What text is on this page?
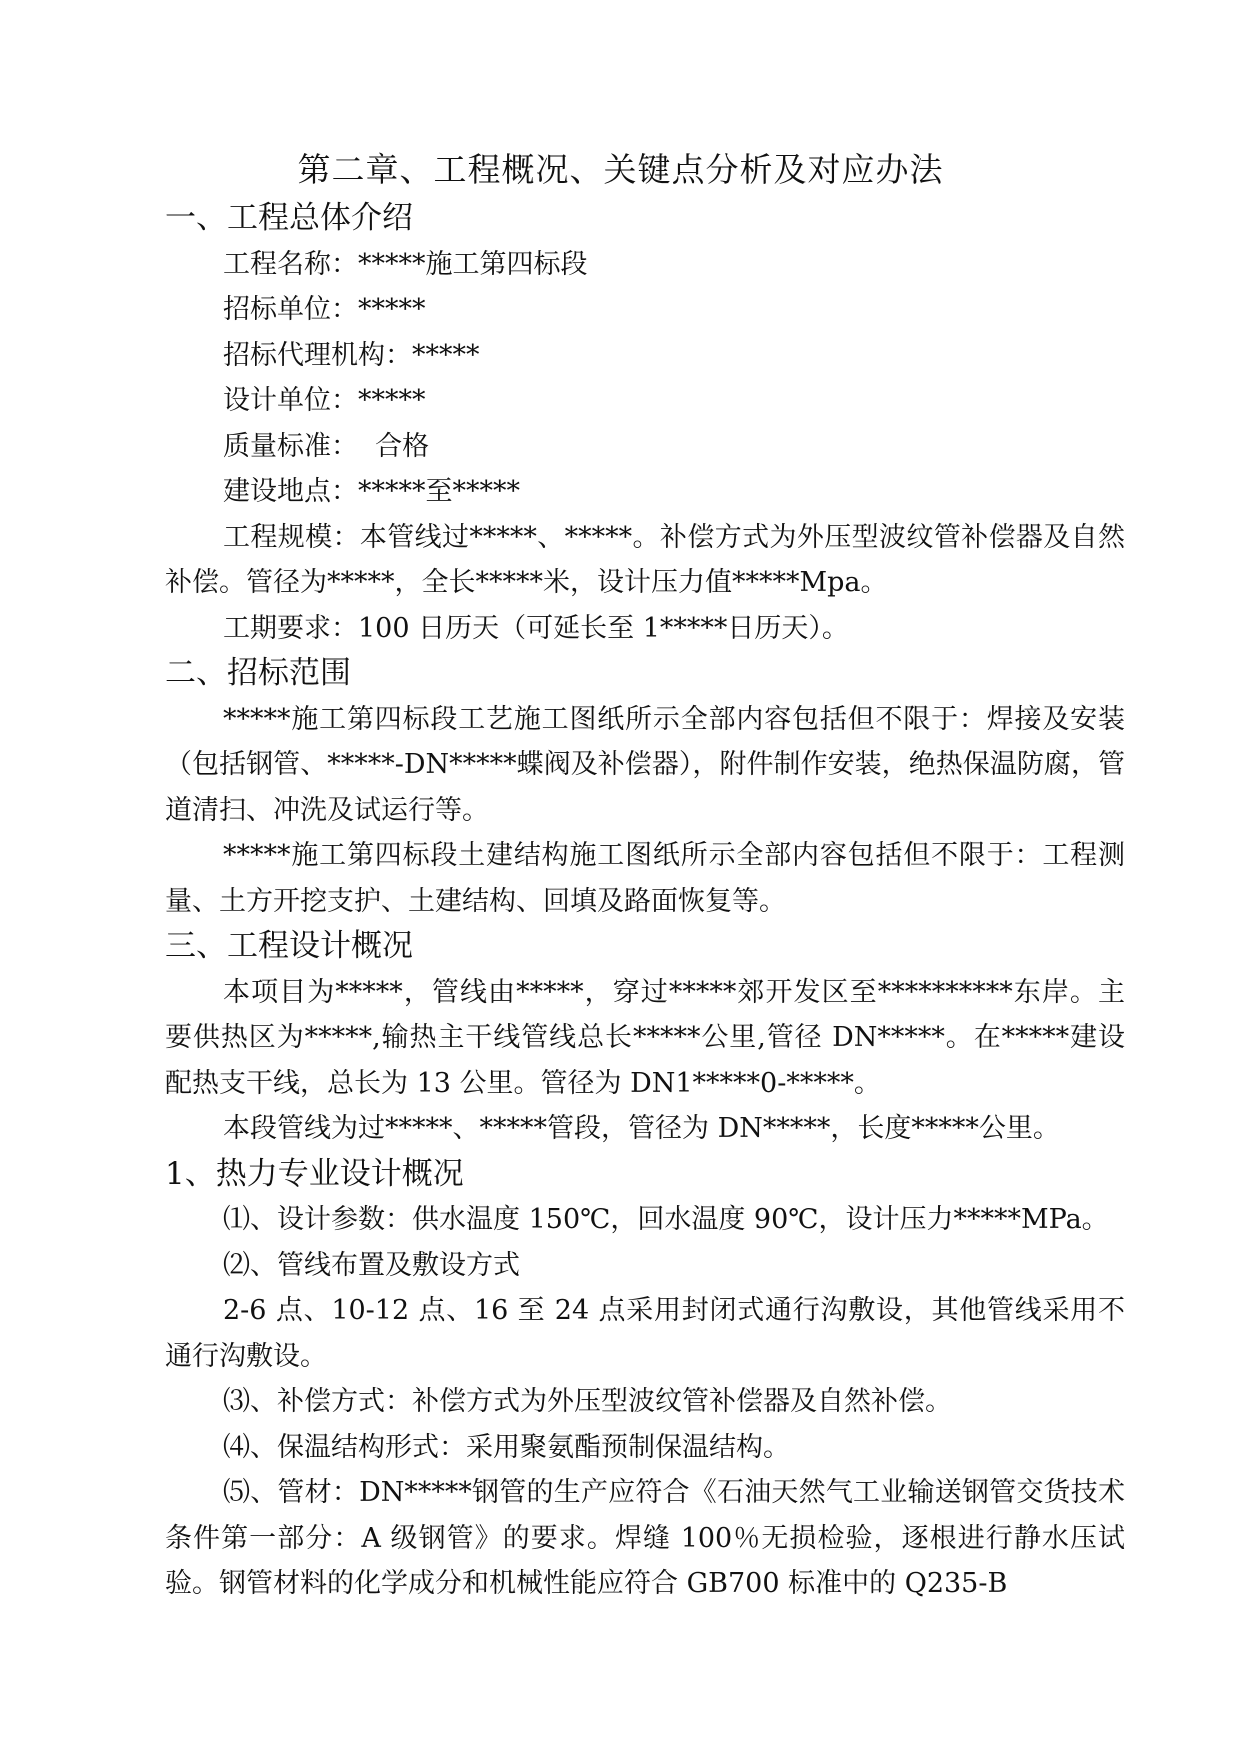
第二章、工程概况、关键点分析及对应办法
一、工程总体介绍
工程名称：*****施工第四标段
招标单位：*****
招标代理机构：*****
设计单位：*****
质量标准：  合格
建设地点：*****至*****

工程规模：本管线过*****、*****。补偿方式为外压型波纹管补偿器及自然补偿。管径为*****，全长*****米，设计压力值*****Mpa。

工期要求：100 日历天（可延长至 1*****日历天）。
二、招标范围

*****施工第四标段工艺施工图纸所示全部内容包括但不限于：焊接及安装（包括钢管、*****-DN*****蝶阀及补偿器），附件制作安装，绝热保温防腐，管道清扫、冲洗及试运行等。

*****施工第四标段土建结构施工图纸所示全部内容包括但不限于：工程测量、土方开挖支护、土建结构、回填及路面恢复等。

三、工程设计概况

本项目为*****，管线由*****，穿过*****郊开发区至**********东岸。主要供热区为*****,输热主干线管线总长*****公里,管径 DN*****。在*****建设配热支干线，总长为 13 公里。管径为 DN1*****0-*****。

本段管线为过*****、*****管段，管径为 DN*****，长度*****公里。

1、热力专业设计概况
⑴、设计参数：供水温度 150℃，回水温度 90℃，设计压力*****MPa。
⑵、管线布置及敷设方式

2-6 点、10-12 点、16 至 24 点采用封闭式通行沟敷设，其他管线采用不通行沟敷设。

⑶、补偿方式：补偿方式为外压型波纹管补偿器及自然补偿。
⑷、保温结构形式：采用聚氨酯预制保温结构。

⑸、管材：DN*****钢管的生产应符合《石油天然气工业输送钢管交货技术条件第一部分：A 级钢管》的要求。焊缝 100％无损检验，逐根进行静水压试验。钢管材料的化学成分和机械性能应符合 GB700 标准中的 Q235-B
